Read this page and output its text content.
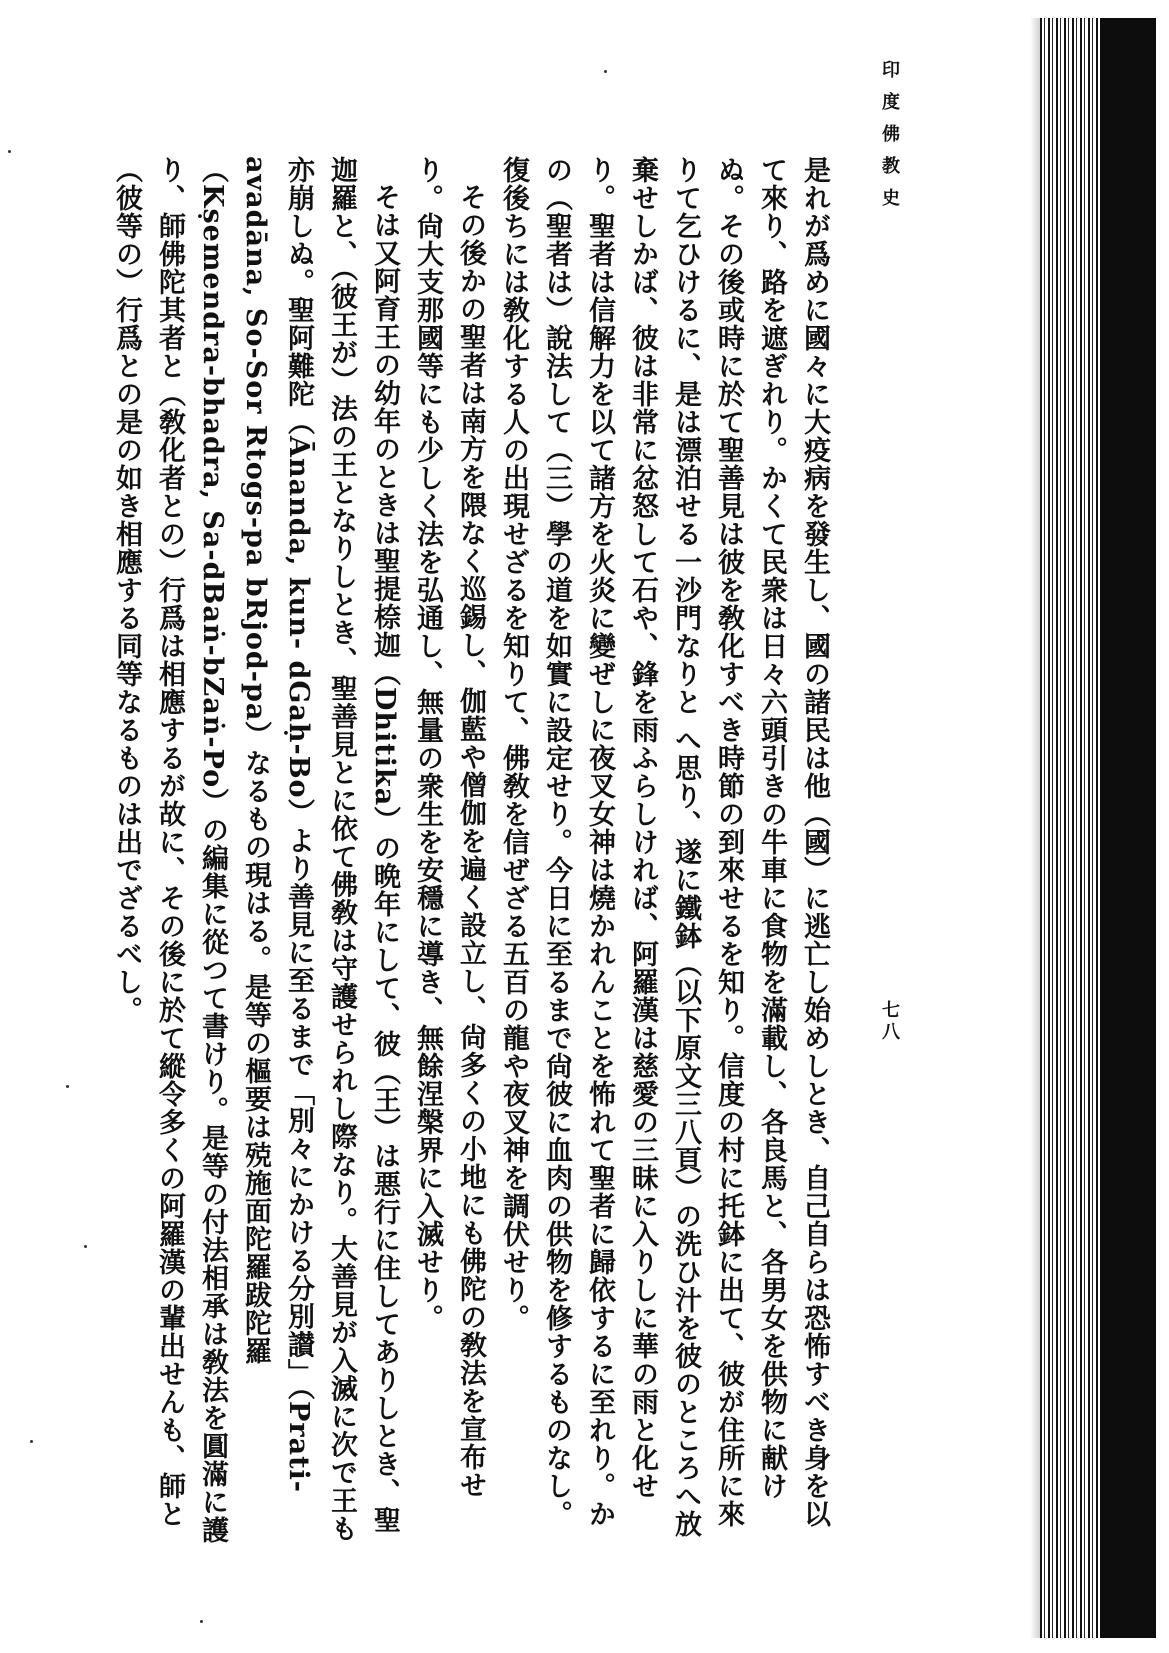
印度佛教史
七八

是れが爲めに國々に大疫病を發生し、國の諸民は他（國）に逃亡し始めしとき、自己自らは恐怖すべき身を以て來り、路を遮ぎれり。かくて民衆は日々六頭引きの牛車に食物を滿載し、各良馬と、各男女を供物に献けぬ。その後或時に於て聖善見は彼を敎化すべき時節の到來せるを知り。信度の村に托鉢に出て、彼が住所に來りて乞ひけるに、是は漂泊せる一沙門なりと へ思り、遂に鐵鉢（以下原文三八頁）の洗ひ汁を彼のところへ放棄せしかば、彼は非常に忿怒して石や、鋒を雨ふらしければ、阿羅漢は慈愛の三昧に入りしに華の雨と化せり。聖者は信解力を以て諸方を火炎に變ぜしに夜叉女神は燒かれんことを怖れて聖者に歸依するに至れり。かの（聖者は）說法して（三）學の道を如實に設定せり。今日に至るまで尙彼に血肉の供物を修するものなし。復後ちには敎化する人の出現せざるを知りて、佛敎を信ぜざる五百の龍や夜叉神を調伏せり。

その後かの聖者は南方を隈なく巡錫し、伽藍や僧伽を遍く設立し、尙多くの小地にも佛陀の敎法を宣布せり。尙大支那國等にも少しく法を弘通し、無量の衆生を安穩に導き、無餘涅槃界に入滅せり。

そは又阿育王の幼年のときは聖提㮈迦（Dhitika）の晩年にして、彼（王）は悪行に住してありしとき、聖迦羅と、（彼王が）法の王となりしとき、聖善見とに依て佛敎は守護せられし際なり。大善見が入滅に次で王も亦崩しぬ。聖阿難陀（Ānanda, kun- dGaḥ-Bo）より善見に至るまで「別々にかける分別讃」（Prati-avadāna, So-Sor Rtogs-pa bRjod-pa）なるもの現はる。是等の樞要は殑施面陀羅跋陀羅（Kṣemendra-bhadra, Sa-dBaṅ-bZaṅ-Po）の編集に從つて書けり。是等の付法相承は敎法を圓滿に護り、師佛陀其者と（敎化者との）行爲は相應するが故に、その後に於て縱令多くの阿羅漢の輩出せんも、師と（彼等の）行爲との是の如き相應する同等なるものは出でざるべし。
